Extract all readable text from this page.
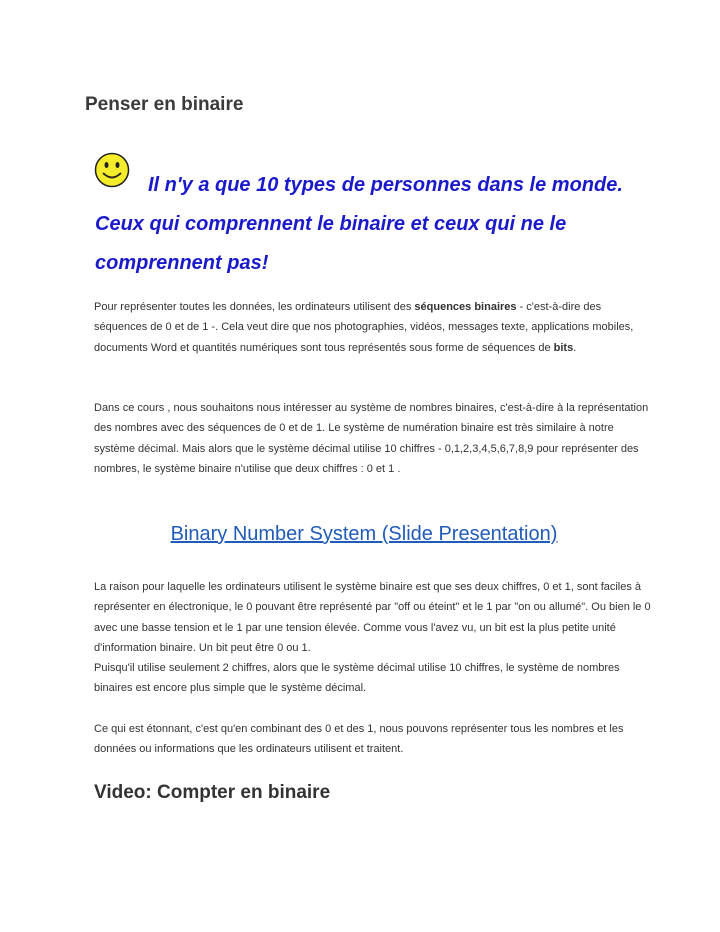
Penser en binaire
Il n'y a que 10 types de personnes dans le monde. Ceux qui comprennent le binaire et ceux qui ne le comprennent pas!
Pour représenter toutes les données, les ordinateurs utilisent des séquences binaires - c'est-à-dire des séquences de 0 et de 1 -. Cela veut dire que nos photographies, vidéos, messages texte, applications mobiles, documents Word et quantités numériques sont tous représentés sous forme de séquences de bits.
Dans ce cours , nous souhaitons nous intéresser au système de nombres binaires, c'est-à-dire à la représentation des nombres avec des séquences de 0 et de 1. Le système de numération binaire est très similaire à notre système décimal. Mais alors que le système décimal utilise 10 chiffres - 0,1,2,3,4,5,6,7,8,9 pour représenter des nombres, le système binaire n'utilise que deux chiffres : 0 et 1 .
Binary Number System (Slide Presentation)
La raison pour laquelle les ordinateurs utilisent le système binaire est que ses deux chiffres, 0 et 1, sont faciles à représenter en électronique, le 0 pouvant être représenté par "off ou éteint" et le 1 par "on ou allumé". Ou bien le 0 avec une basse tension et le 1 par une tension élevée. Comme vous l'avez vu, un bit est la plus petite unité d'information binaire. Un bit peut être 0 ou 1.
Puisqu'il utilise seulement 2 chiffres, alors que le système décimal utilise 10 chiffres, le système de nombres binaires est encore plus simple que le système décimal.
Ce qui est étonnant, c'est qu'en combinant des 0 et des 1, nous pouvons représenter tous les nombres et les données ou informations que les ordinateurs utilisent et traitent.
Video: Compter en binaire
